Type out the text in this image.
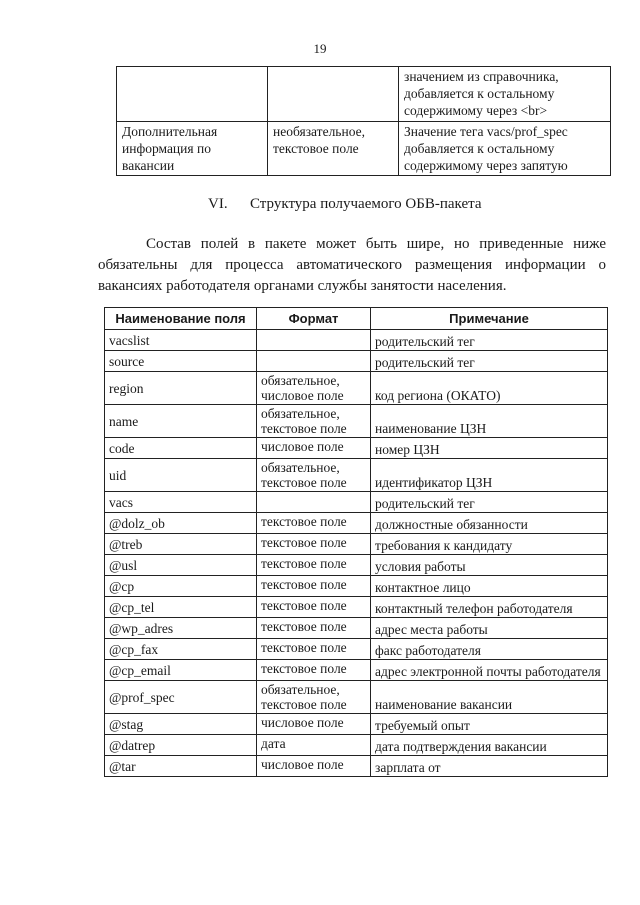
19
		значением из справочника, добавляется к остальному содержимому через <br>
Дополнительная информация по вакансии	необязательное, текстовое поле	Значение тега vacs/prof_spec добавляется к остальному содержимому через запятую
VI. Структура получаемого ОБВ-пакета

Состав полей в пакете может быть шире, но приведенные ниже обязательны для процесса автоматического размещения информации о вакансиях работодателя органами службы занятости населения.

Наименование поля	Формат	Примечание
vacslist		родительский тег
source		родительский тег
region	обязательное, числовое поле	код региона (ОКАТО)
name	обязательное, текстовое поле	наименование ЦЗН
code	числовое поле	номер ЦЗН
uid	обязательное, текстовое поле	идентификатор ЦЗН
vacs		родительский тег
@dolz_ob	текстовое поле	должностные обязанности
@treb	текстовое поле	требования к кандидату
@usl	текстовое поле	условия работы
@cp	текстовое поле	контактное лицо
@cp_tel	текстовое поле	контактный телефон работодателя
@wp_adres	текстовое поле	адрес места работы
@cp_fax	текстовое поле	факс работодателя
@cp_email	текстовое поле	адрес электронной почты работодателя
@prof_spec	обязательное, текстовое поле	наименование вакансии
@stag	числовое поле	требуемый опыт
@datrep	дата	дата подтверждения вакансии
@tar	числовое поле	зарплата от
